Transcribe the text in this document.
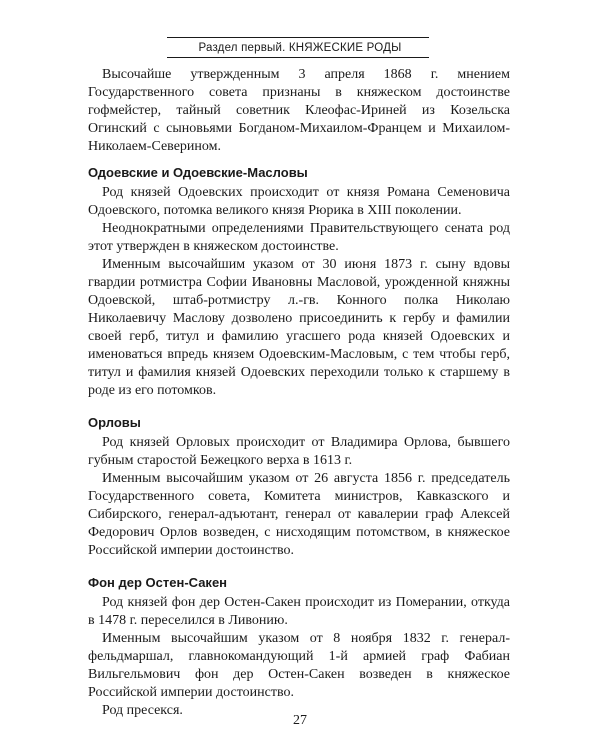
Раздел первый. КНЯЖЕСКИЕ РОДЫ

Высочайше утвержденным 3 апреля 1868 г. мнением Государственного совета признаны в княжеском достоинстве гофмейстер, тайный советник Клеофас-Ириней из Козельска Огинский с сыновьями Богданом-Михаилом-Францем и Михаилом-Николаем-Северином.

Одоевские и Одоевские-Масловы

Род князей Одоевских происходит от князя Романа Семеновича Одоевского, потомка великого князя Рюрика в XIII поколении.

Неоднократными определениями Правительствующего сената род этот утвержден в княжеском достоинстве.

Именным высочайшим указом от 30 июня 1873 г. сыну вдовы гвардии ротмистра Софии Ивановны Масловой, урожденной княжны Одоевской, штаб-ротмистру л.-гв. Конного полка Николаю Николаевичу Маслову дозволено присоединить к гербу и фамилии своей герб, титул и фамилию угасшего рода князей Одоевских и именоваться впредь князем Одоевским-Масловым, с тем чтобы герб, титул и фамилия князей Одоевских переходили только к старшему в роде из его потомков.

Орловы

Род князей Орловых происходит от Владимира Орлова, бывшего губным старостой Бежецкого верха в 1613 г.

Именным высочайшим указом от 26 августа 1856 г. председатель Государственного совета, Комитета министров, Кавказского и Сибирского, генерал-адъютант, генерал от кавалерии граф Алексей Федорович Орлов возведен, с нисходящим потомством, в княжеское Российской империи достоинство.

Фон дер Остен-Сакен

Род князей фон дер Остен-Сакен происходит из Померании, откуда в 1478 г. переселился в Ливонию.

Именным высочайшим указом от 8 ноября 1832 г. генерал-фельдмаршал, главнокомандующий 1-й армией граф Фабиан Вильгельмович фон дер Остен-Сакен возведен в княжеское Российской империи достоинство.

Род пресекся.

27
